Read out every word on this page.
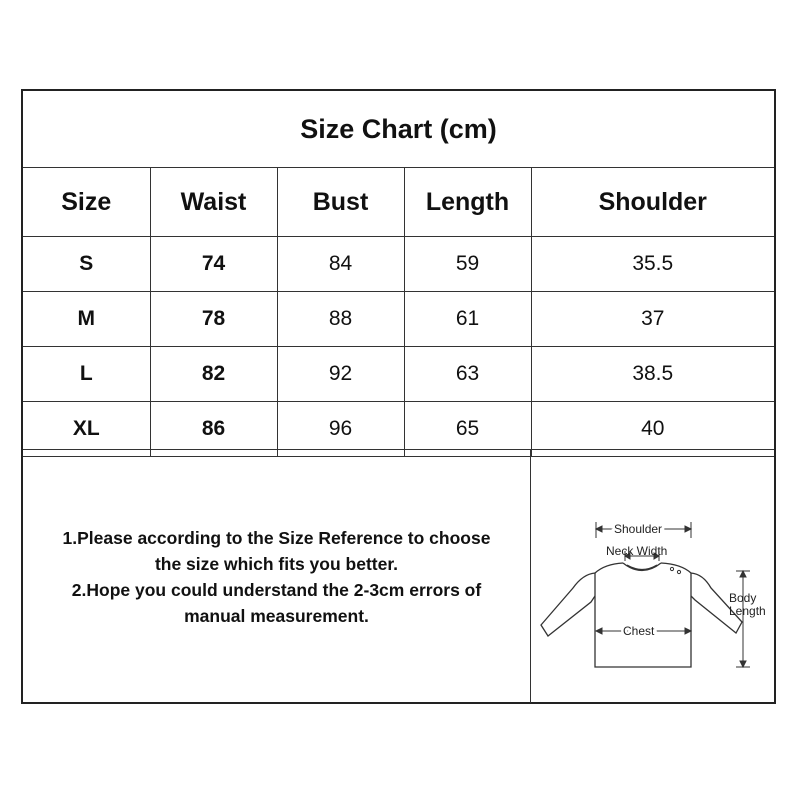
Size Chart (cm)
Size	Waist	Bust	Length	Shoulder
S	74	84	59	35.5
M	78	88	61	37
L	82	92	63	38.5
XL	86	96	65	40

1.Please according to the Size Reference to choose

the size which fits you better.

2.Hope you could understand the 2-3cm errors of

manual measurement.

Shoulder
Neck Width
Chest
Body
Length
